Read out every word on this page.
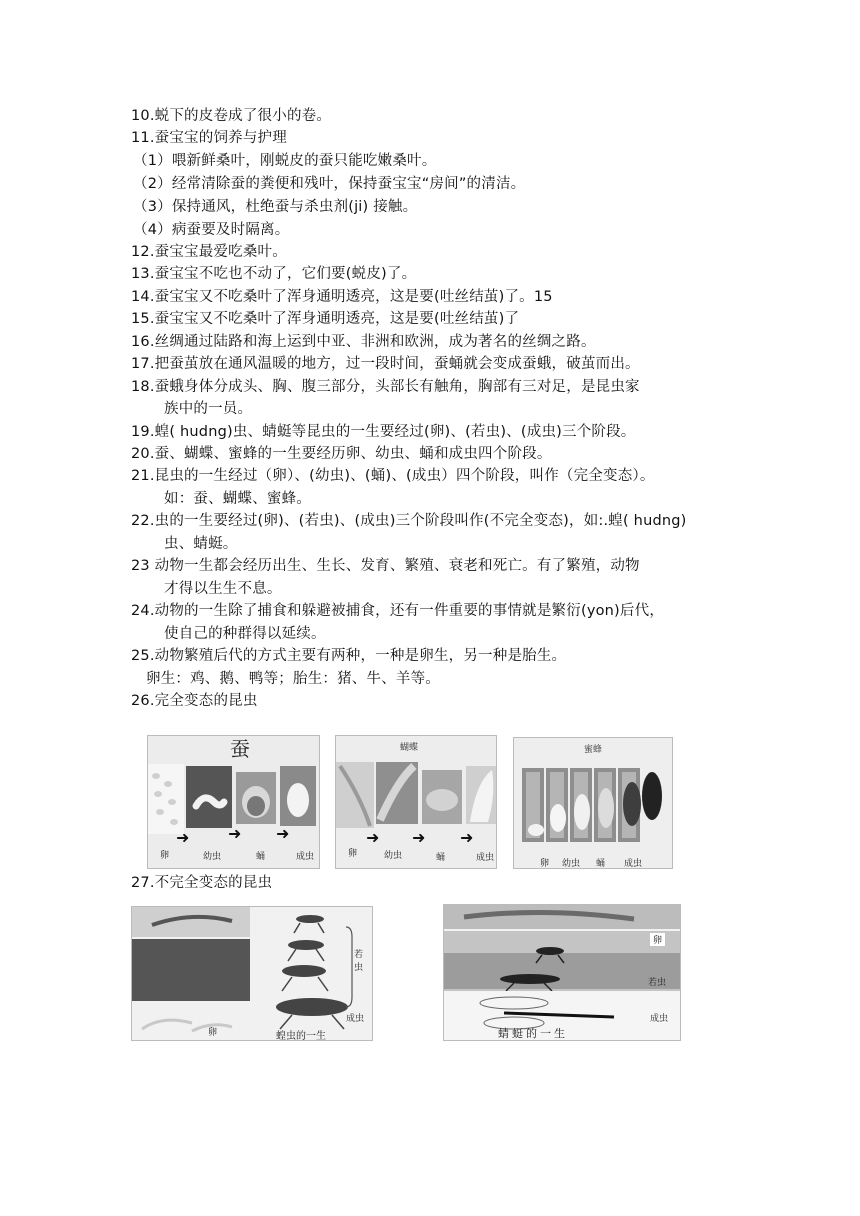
10.蜕下的皮卷成了很小的卷。
11.蚕宝宝的饲养与护理
（1）喂新鲜桑叶，刚蜕皮的蚕只能吃嫩桑叶。
（2）经常清除蚕的粪便和残叶，保持蚕宝宝“房间”的清洁。
（3）保持通风，杜绝蚕与杀虫剂(ji) 接触。
（4）病蚕要及时隔离。
12.蚕宝宝最爱吃桑叶。
13.蚕宝宝不吃也不动了，它们要(蜕皮)了。
14.蚕宝宝又不吃桑叶了浑身通明透亮，这是要(吐丝结茧)了。15
15.蚕宝宝又不吃桑叶了浑身通明透亮，这是要(吐丝结茧)了
16.丝绸通过陆路和海上运到中亚、非洲和欧洲，成为著名的丝绸之路。
17.把蚕茧放在通风温暖的地方，过一段时间，蚕蛹就会变成蚕蛾，破茧而出。
18.蚕蛾身体分成头、胸、腹三部分，头部长有触角，胸部有三对足，是昆虫家
族中的一员。
19.蝗( hudng)虫、蜻蜓等昆虫的一生要经过(卵)、(若虫)、(成虫)三个阶段。
20.蚕、蝴蝶、蜜蜂的一生要经历卵、幼虫、蛹和成虫四个阶段。
21.昆虫的一生经过（卵）、(幼虫)、(蛹)、(成虫）四个阶段，叫作（完全变态）。
如：蚕、蝴蝶、蜜蜂。
22.虫的一生要经过(卵)、(若虫)、(成虫)三个阶段叫作(不完全变态)，如:.蝗( hudng)
虫、蜻蜓。
23 动物一生都会经历出生、生长、发育、繁殖、衰老和死亡。有了繁殖，动物
才得以生生不息。
24.动物的一生除了捕食和躲避被捕食，还有一件重要的事情就是繁衍(yon)后代，
使自己的种群得以延续。
25.动物繁殖后代的方式主要有两种，一种是卵生，另一种是胎生。
卵生：鸡、鹅、鸭等；胎生：猪、牛、羊等。
26.完全变态的昆虫
蚕
➜ ➜ ➜
卵	幼虫	蛹	成虫
蝴蝶
➜ ➜ ➜
卵	幼虫	蛹	成虫
蜜蜂
卵 幼虫 蛹 成虫
27.不完全变态的昆虫
卵
若虫
成虫
蝗虫的一生
卵
若虫
成虫
蜻蜓的一生
